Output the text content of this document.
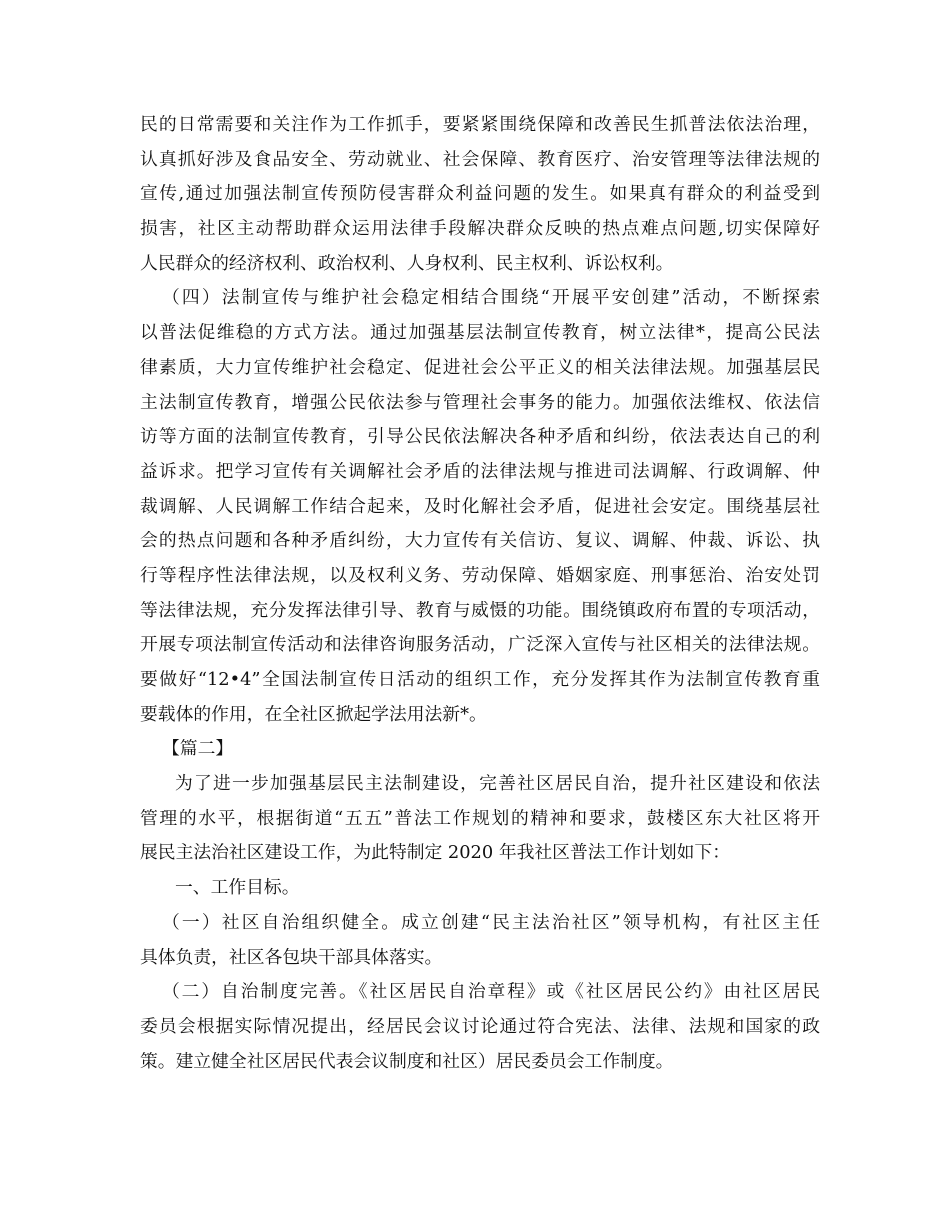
民的日常需要和关注作为工作抓手，要紧紧围绕保障和改善民生抓普法依法治理，
认真抓好涉及食品安全、劳动就业、社会保障、教育医疗、治安管理等法律法规的
宣传,通过加强法制宣传预防侵害群众利益问题的发生。如果真有群众的利益受到
损害，社区主动帮助群众运用法律手段解决群众反映的热点难点问题,切实保障好
人民群众的经济权利、政治权利、人身权利、民主权利、诉讼权利。
（四）法制宣传与维护社会稳定相结合围绕“开展平安创建”活动，不断探索
以普法促维稳的方式方法。通过加强基层法制宣传教育，树立法律*，提高公民法
律素质，大力宣传维护社会稳定、促进社会公平正义的相关法律法规。加强基层民
主法制宣传教育，增强公民依法参与管理社会事务的能力。加强依法维权、依法信
访等方面的法制宣传教育，引导公民依法解决各种矛盾和纠纷，依法表达自己的利
益诉求。把学习宣传有关调解社会矛盾的法律法规与推进司法调解、行政调解、仲
裁调解、人民调解工作结合起来，及时化解社会矛盾，促进社会安定。围绕基层社
会的热点问题和各种矛盾纠纷，大力宣传有关信访、复议、调解、仲裁、诉讼、执
行等程序性法律法规，以及权利义务、劳动保障、婚姻家庭、刑事惩治、治安处罚
等法律法规，充分发挥法律引导、教育与威慑的功能。围绕镇政府布置的专项活动，
开展专项法制宣传活动和法律咨询服务活动，广泛深入宣传与社区相关的法律法规。
要做好“12•4”全国法制宣传日活动的组织工作，充分发挥其作为法制宣传教育重
要载体的作用，在全社区掀起学法用法新*。
【篇二】
为了进一步加强基层民主法制建设，完善社区居民自治，提升社区建设和依法
管理的水平，根据街道“五五”普法工作规划的精神和要求，鼓楼区东大社区将开
展民主法治社区建设工作，为此特制定 2020 年我社区普法工作计划如下：
一、工作目标。
（一）社区自治组织健全。成立创建“民主法治社区”领导机构，有社区主任
具体负责，社区各包块干部具体落实。
（二）自治制度完善。《社区居民自治章程》或《社区居民公约》由社区居民
委员会根据实际情况提出，经居民会议讨论通过符合宪法、法律、法规和国家的政
策。建立健全社区居民代表会议制度和社区）居民委员会工作制度。
